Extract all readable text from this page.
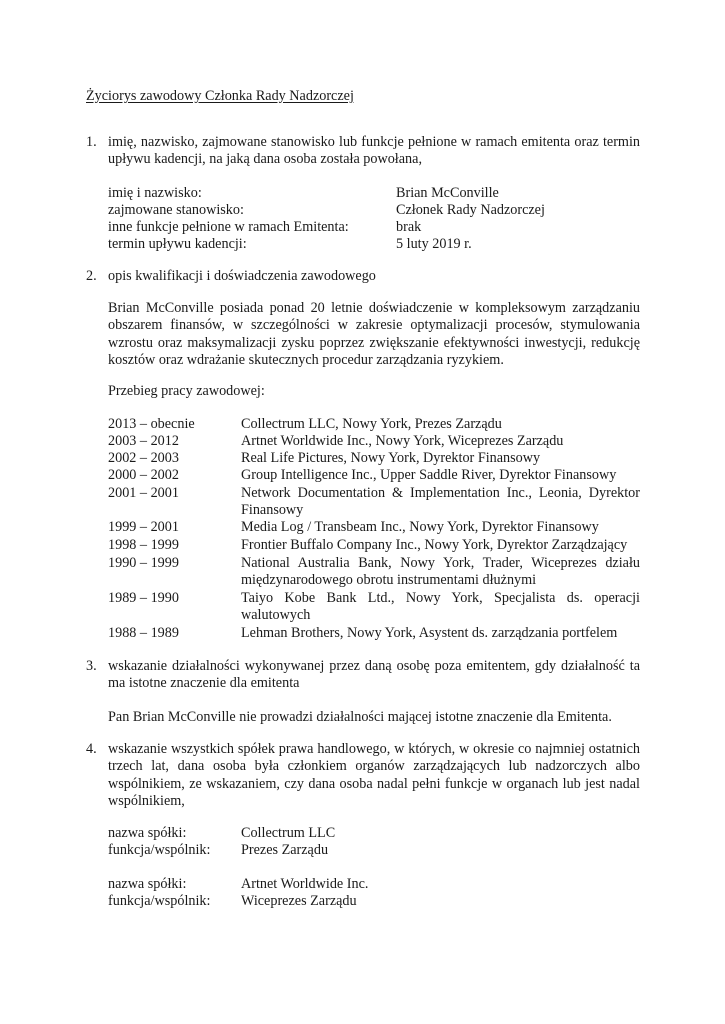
Życiorys zawodowy Członka Rady Nadzorczej
1. imię, nazwisko, zajmowane stanowisko lub funkcje pełnione w ramach emitenta oraz termin upływu kadencji, na jaką dana osoba została powołana,
imię i nazwisko:	Brian McConville
zajmowane stanowisko:	Członek Rady Nadzorczej
inne funkcje pełnione w ramach Emitenta:	brak
termin upływu kadencji:	5 luty 2019 r.
2. opis kwalifikacji i doświadczenia zawodowego
Brian McConville posiada ponad 20 letnie doświadczenie w kompleksowym zarządzaniu obszarem finansów, w szczególności w zakresie optymalizacji procesów, stymulowania wzrostu oraz maksymalizacji zysku poprzez zwiększanie efektywności inwestycji, redukcję kosztów oraz wdrażanie skutecznych procedur zarządzania ryzykiem.
Przebieg pracy zawodowej:
2013 – obecnie	Collectrum LLC, Nowy York, Prezes Zarządu
2003 – 2012	Artnet Worldwide Inc., Nowy York, Wiceprezes Zarządu
2002 – 2003	Real Life Pictures, Nowy York, Dyrektor Finansowy
2000 – 2002	Group Intelligence Inc., Upper Saddle River, Dyrektor Finansowy
2001 – 2001	Network Documentation & Implementation Inc., Leonia, Dyrektor Finansowy
1999 – 2001	Media Log / Transbeam Inc., Nowy York, Dyrektor Finansowy
1998 – 1999	Frontier Buffalo Company Inc., Nowy York, Dyrektor Zarządzający
1990 – 1999	National Australia Bank, Nowy York, Trader, Wiceprezes działu międzynarodowego obrotu instrumentami dłużnymi
1989 – 1990	Taiyo Kobe Bank Ltd., Nowy York, Specjalista ds. operacji walutowych
1988 – 1989	Lehman Brothers, Nowy York, Asystent ds. zarządzania portfelem
3. wskazanie działalności wykonywanej przez daną osobę poza emitentem, gdy działalność ta ma istotne znaczenie dla emitenta
Pan Brian McConville nie prowadzi działalności mającej istotne znaczenie dla Emitenta.
4. wskazanie wszystkich spółek prawa handlowego, w których, w okresie co najmniej ostatnich trzech lat, dana osoba była członkiem organów zarządzających lub nadzorczych albo wspólnikiem, ze wskazaniem, czy dana osoba nadal pełni funkcje w organach lub jest nadal wspólnikiem,
nazwa spółki:	Collectrum LLC
funkcja/wspólnik: Prezes Zarządu
nazwa spółki:	Artnet Worldwide Inc.
funkcja/wspólnik: Wiceprezes Zarządu
